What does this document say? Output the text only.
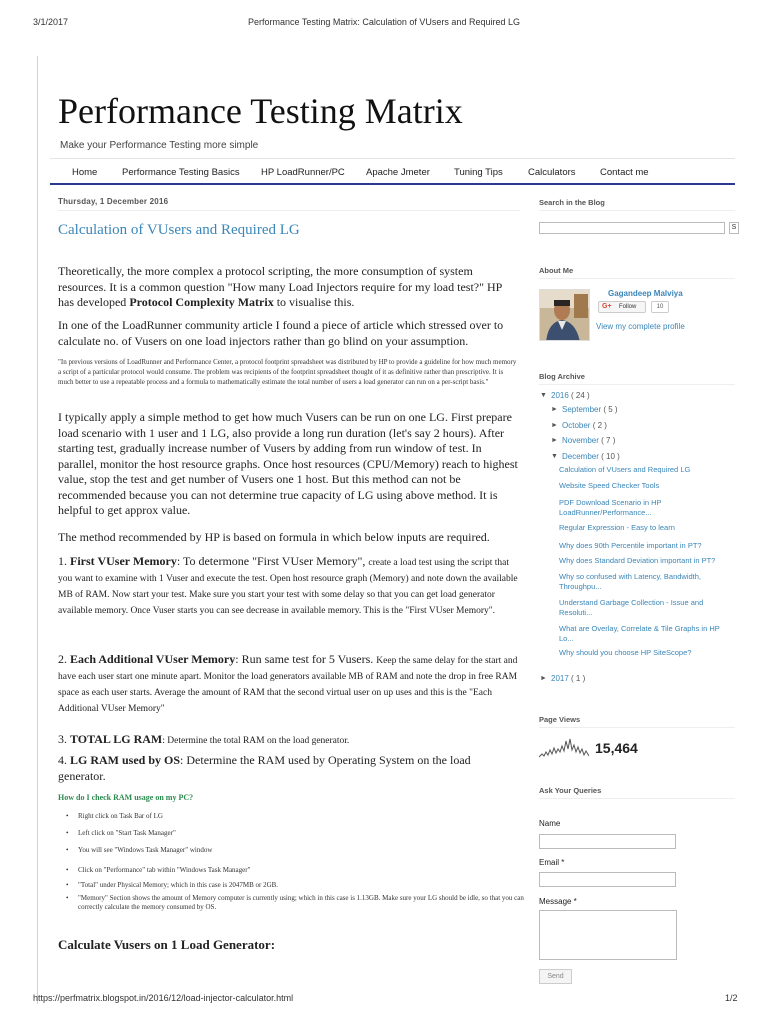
3/1/2017	Performance Testing Matrix: Calculation of VUsers and Required LG
Performance Testing Matrix
Make your Performance Testing more simple
Home	Performance Testing Basics HP LoadRunner/PC Apache Jmeter	Tuning Tips	Calculators	Contact me
Thursday, 1 December 2016
Calculation of VUsers and Required LG
Theoretically, the more complex a protocol scripting, the more consumption of system resources. It is a common question "How many Load Injectors require for my load test?" HP has developed Protocol Complexity Matrix to visualise this.
In one of the LoadRunner community article I found a piece of article which stressed over to calculate no. of Vusers on one load injectors rather than go blind on your assumption.
"In previous versions of LoadRunner and Performance Center, a protocol footprint spreadsheet was distributed by HP to provide a guideline for how much memory a script of a particular protocol would consume. The problem was recipients of the footprint spreadsheet thought of it as definitive rather than prescriptive. It is much better to use a repeatable process and a formula to mathematically estimate the total number of users a load generator can run on a per-script basis."
I typically apply a simple method to get how much Vusers can be run on one LG. First prepare load scenario with 1 user and 1 LG, also provide a long run duration (let's say 2 hours). After starting test, gradually increase number of Vusers by adding from run window of test. In parallel, monitor the host resource graphs. Once host resources (CPU/Memory) reach to highest value, stop the test and get number of Vusers one 1 host. But this method can not be recommended because you can not determine true capacity of LG using above method. It is helpful to get approx value.
The method recommended by HP is based on formula in which below inputs are required.
1. First VUser Memory: To determone "First VUser Memory", create a load test using the script that you want to examine with 1 Vuser and execute the test. Open host resource graph (Memory) and note down the available MB of RAM. Now start your test. Make sure you start your test with some delay so that you can get load generator available memory. Once Vuser starts you can see decrease in available memory. This is the "First VUser Memory".
2. Each Additional VUser Memory: Run same test for 5 Vusers. Keep the same delay for the start and have each user start one minute apart. Monitor the load generators available MB of RAM and note the drop in free RAM space as each user starts. Average the amount of RAM that the second virtual user on up uses and this is the "Each Additional VUser Memory"
3. TOTAL LG RAM: Determine the total RAM on the load generator.
4. LG RAM used by OS: Determine the RAM used by Operating System on the load generator.
How do I check RAM usage on my PC?
• Right click on Task Bar of LG
• Left click on "Start Task Manager"
• You will see "Windows Task Manager" window
• Click on "Performance" tab within "Windows Task Manager"
• "Total" under Physical Memory; which in this case is 2047MB or 2GB.
• "Memory" Section shows the amount of Memory computer is currently using; which in this case is 1.13GB. Make sure your LG should be idle, so that you can correctly calculate the memory consumed by OS.
Calculate Vusers on 1 Load Generator:
Search in the Blog
S
About Me
Gagandeep Malviya
G+ Follow	10
View my complete profile
Blog Archive
▼ 2016 ( 24 )
► September ( 5 )
► October ( 2 )
► November ( 7 )
▼ December ( 10 )
Calculation of VUsers and Required LG
Website Speed Checker Tools
PDF Download Scenario in HP LoadRunner/Performance...
Regular Expression - Easy to learn
Why does 90th Percentile important in PT?
Why does Standard Deviation important in PT?
Why so confused with Latency, Bandwidth, Throughpu...
Understand Garbage Collection - Issue and Resoluti...
What are Overlay, Correlate & Tile Graphs in HP Lo...
Why should you choose HP SiteScope?
► 2017 ( 1 )
Page Views
15,464
Ask Your Queries
Name
Email *
Message *
Send
https://perfmatrix.blogspot.in/2016/12/load-injector-calculator.html	1/2
